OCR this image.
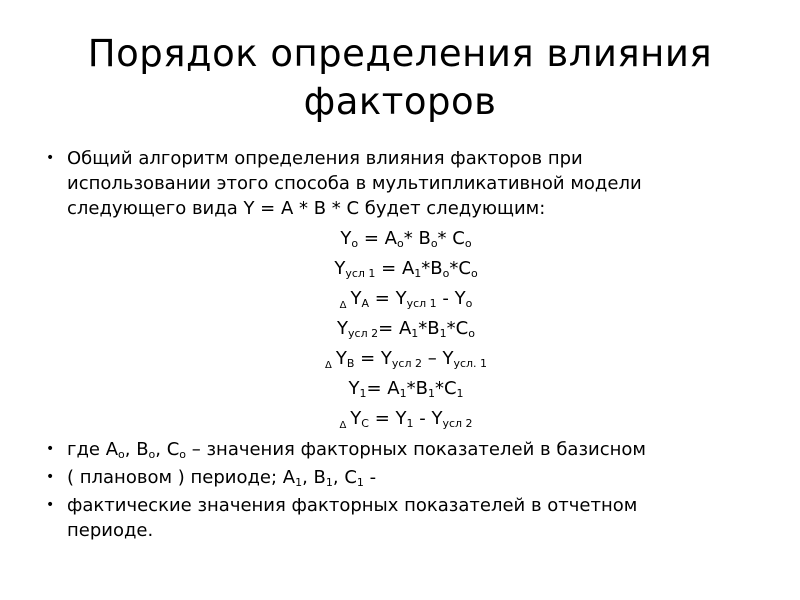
Порядок определения влияния
факторов
• Общий алгоритм определения влияния факторов при
использовании этого способа в мультипликативной модели
следующего вида Y = А * В * С будет следующим:
$Y_о = А_о*$ $В_о*$ $С_о$
$Y_{усл 1} = А_1*В_о*С_о$
$_\Delta$ $Y_А = Y_{усл 1} - Y_о$
$Y_{усл 2}= А_1*В_1*С_о$
$_\Delta$ $Y_В = Y_{усл 2} - Y_{усл. 1}$
$Y_1= А_1*В_1*С_1$
$_\Delta$ $Y_С = Y_1 - Y_{усл 2}$
• где $А_о$, $В_о$, $С_о$ – значения факторных показателей в базисном
• ( плановом ) периоде; $А_1$, $В_1$, $С_1$ -
• фактические значения факторных показателей в отчетном
периоде.
